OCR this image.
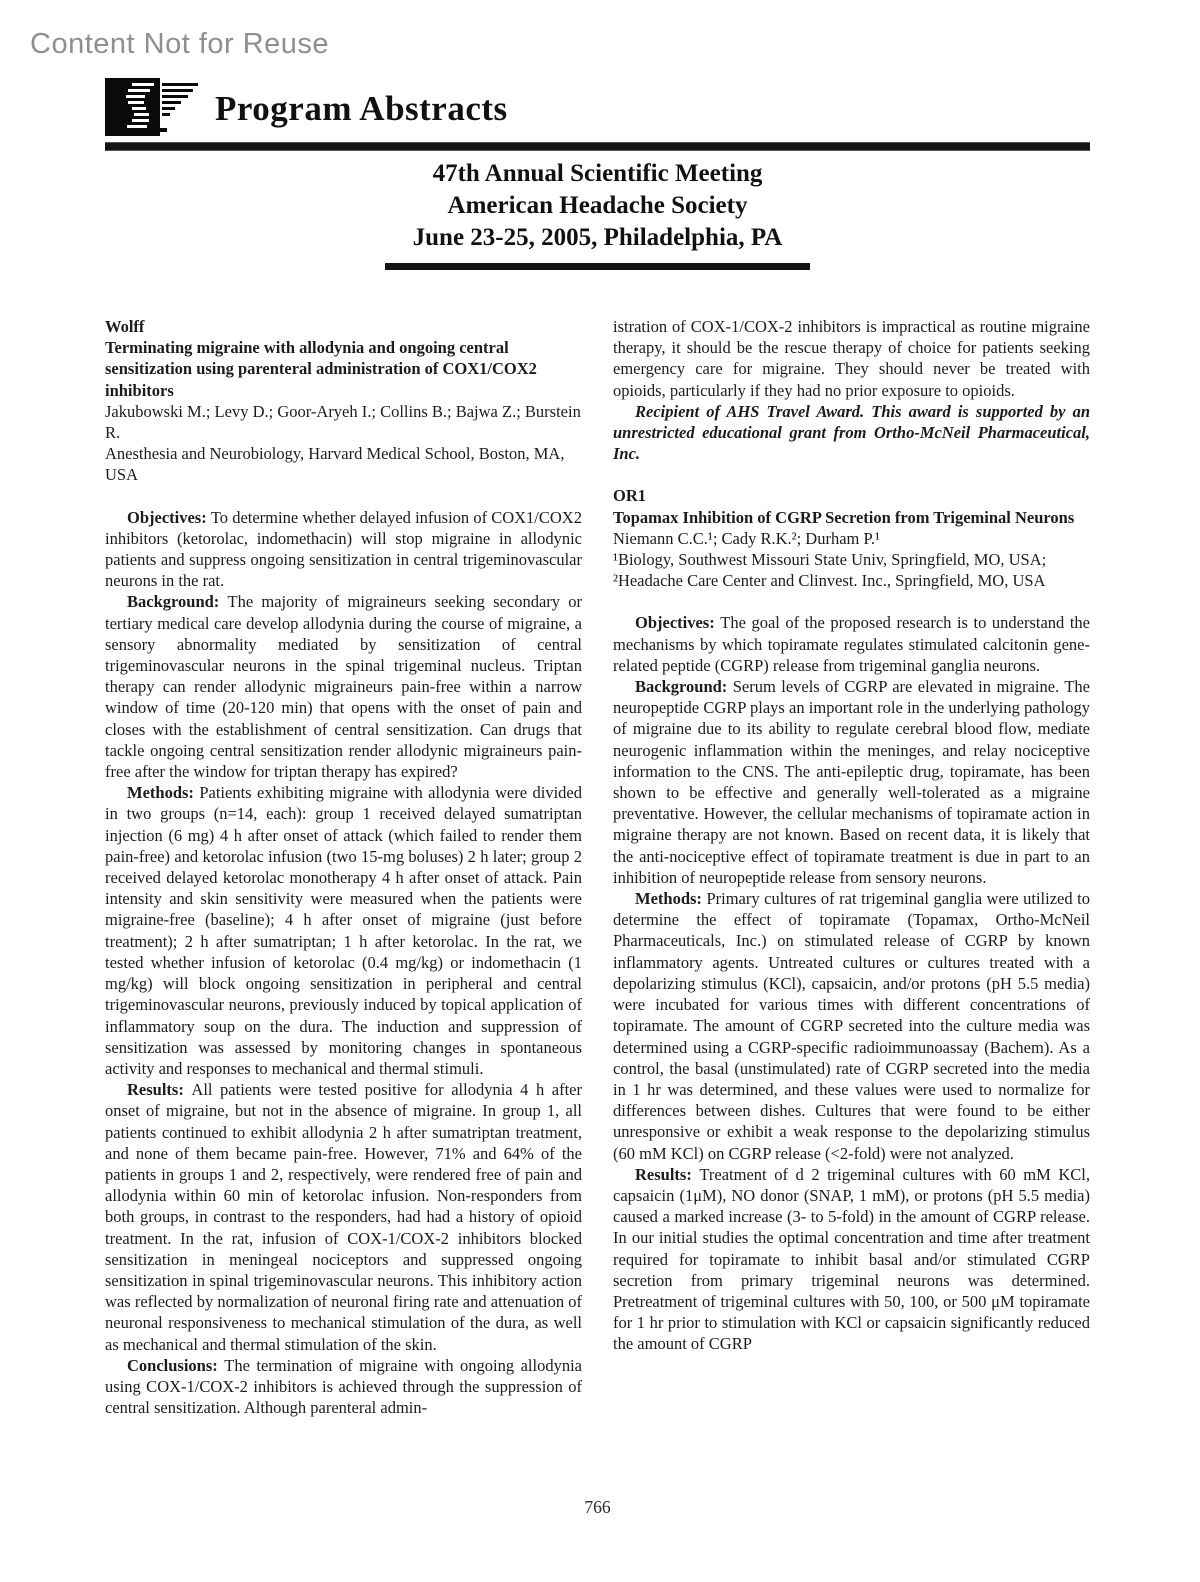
Content Not for Reuse
Program Abstracts
47th Annual Scientific Meeting
American Headache Society
June 23-25, 2005, Philadelphia, PA

Wolff

Terminating migraine with allodynia and ongoing central sensitization using parenteral administration of COX1/COX2 inhibitors

Jakubowski M.; Levy D.; Goor-Aryeh I.; Collins B.; Bajwa Z.; Burstein R.

Anesthesia and Neurobiology, Harvard Medical School, Boston, MA, USA

Objectives: To determine whether delayed infusion of COX1/COX2 inhibitors (ketorolac, indomethacin) will stop migraine in allodynic patients and suppress ongoing sensitization in central trigeminovascular neurons in the rat.

Background: The majority of migraineurs seeking secondary or tertiary medical care develop allodynia during the course of migraine, a sensory abnormality mediated by sensitization of central trigeminovascular neurons in the spinal trigeminal nucleus. Triptan therapy can render allodynic migraineurs pain-free within a narrow window of time (20-120 min) that opens with the onset of pain and closes with the establishment of central sensitization. Can drugs that tackle ongoing central sensitization render allodynic migraineurs pain-free after the window for triptan therapy has expired?

Methods: Patients exhibiting migraine with allodynia were divided in two groups (n=14, each): group 1 received delayed sumatriptan injection (6 mg) 4 h after onset of attack (which failed to render them pain-free) and ketorolac infusion (two 15-mg boluses) 2 h later; group 2 received delayed ketorolac monotherapy 4 h after onset of attack. Pain intensity and skin sensitivity were measured when the patients were migraine-free (baseline); 4 h after onset of migraine (just before treatment); 2 h after sumatriptan; 1 h after ketorolac. In the rat, we tested whether infusion of ketorolac (0.4 mg/kg) or indomethacin (1 mg/kg) will block ongoing sensitization in peripheral and central trigeminovascular neurons, previously induced by topical application of inflammatory soup on the dura. The induction and suppression of sensitization was assessed by monitoring changes in spontaneous activity and responses to mechanical and thermal stimuli.

Results: All patients were tested positive for allodynia 4 h after onset of migraine, but not in the absence of migraine. In group 1, all patients continued to exhibit allodynia 2 h after sumatriptan treatment, and none of them became pain-free. However, 71% and 64% of the patients in groups 1 and 2, respectively, were rendered free of pain and allodynia within 60 min of ketorolac infusion. Non-responders from both groups, in contrast to the responders, had had a history of opioid treatment. In the rat, infusion of COX-1/COX-2 inhibitors blocked sensitization in meningeal nociceptors and suppressed ongoing sensitization in spinal trigeminovascular neurons. This inhibitory action was reflected by normalization of neuronal firing rate and attenuation of neuronal responsiveness to mechanical stimulation of the dura, as well as mechanical and thermal stimulation of the skin.

Conclusions: The termination of migraine with ongoing allodynia using COX-1/COX-2 inhibitors is achieved through the suppression of central sensitization. Although parenteral admin-

istration of COX-1/COX-2 inhibitors is impractical as routine migraine therapy, it should be the rescue therapy of choice for patients seeking emergency care for migraine. They should never be treated with opioids, particularly if they had no prior exposure to opioids.

Recipient of AHS Travel Award. This award is supported by an unrestricted educational grant from Ortho-McNeil Pharmaceutical, Inc.

OR1

Topamax Inhibition of CGRP Secretion from Trigeminal Neurons

Niemann C.C.¹; Cady R.K.²; Durham P.¹

¹Biology, Southwest Missouri State Univ, Springfield, MO, USA; ²Headache Care Center and Clinvest. Inc., Springfield, MO, USA

Objectives: The goal of the proposed research is to understand the mechanisms by which topiramate regulates stimulated calcitonin gene-related peptide (CGRP) release from trigeminal ganglia neurons.

Background: Serum levels of CGRP are elevated in migraine. The neuropeptide CGRP plays an important role in the underlying pathology of migraine due to its ability to regulate cerebral blood flow, mediate neurogenic inflammation within the meninges, and relay nociceptive information to the CNS. The anti-epileptic drug, topiramate, has been shown to be effective and generally well-tolerated as a migraine preventative. However, the cellular mechanisms of topiramate action in migraine therapy are not known. Based on recent data, it is likely that the anti-nociceptive effect of topiramate treatment is due in part to an inhibition of neuropeptide release from sensory neurons.

Methods: Primary cultures of rat trigeminal ganglia were utilized to determine the effect of topiramate (Topamax, Ortho-McNeil Pharmaceuticals, Inc.) on stimulated release of CGRP by known inflammatory agents. Untreated cultures or cultures treated with a depolarizing stimulus (KCl), capsaicin, and/or protons (pH 5.5 media) were incubated for various times with different concentrations of topiramate. The amount of CGRP secreted into the culture media was determined using a CGRP-specific radioimmunoassay (Bachem). As a control, the basal (unstimulated) rate of CGRP secreted into the media in 1 hr was determined, and these values were used to normalize for differences between dishes. Cultures that were found to be either unresponsive or exhibit a weak response to the depolarizing stimulus (60 mM KCl) on CGRP release (<2-fold) were not analyzed.

Results: Treatment of d 2 trigeminal cultures with 60 mM KCl, capsaicin (1μM), NO donor (SNAP, 1 mM), or protons (pH 5.5 media) caused a marked increase (3- to 5-fold) in the amount of CGRP release. In our initial studies the optimal concentration and time after treatment required for topiramate to inhibit basal and/or stimulated CGRP secretion from primary trigeminal neurons was determined. Pretreatment of trigeminal cultures with 50, 100, or 500 μM topiramate for 1 hr prior to stimulation with KCl or capsaicin significantly reduced the amount of CGRP

766
